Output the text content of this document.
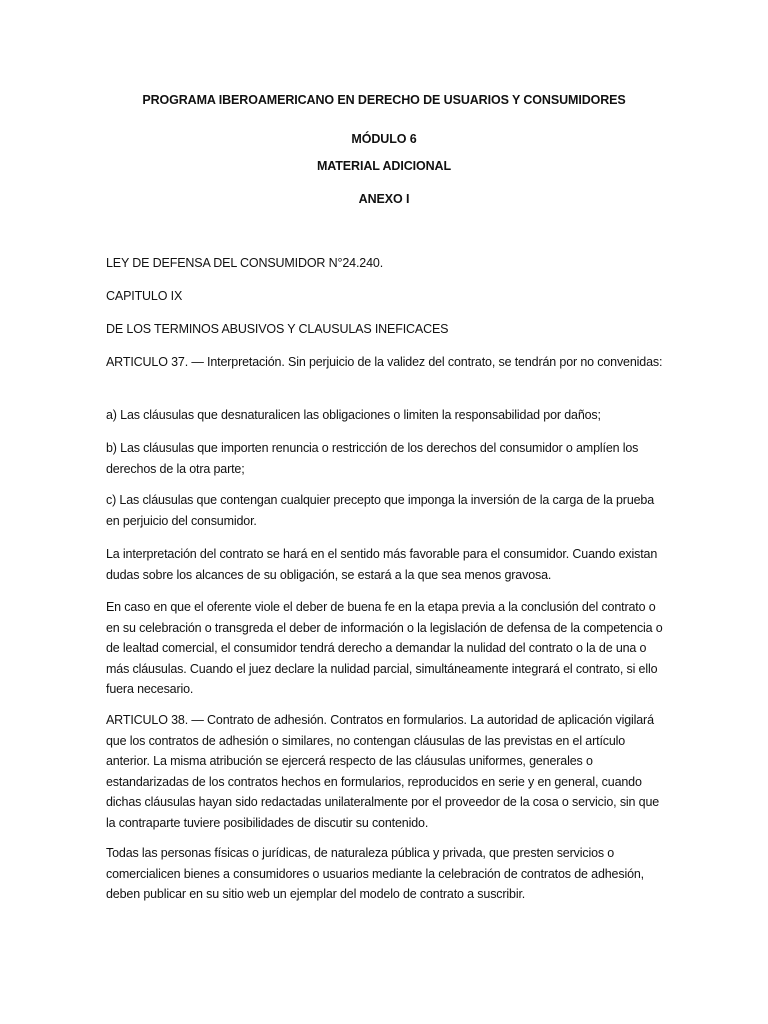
PROGRAMA IBEROAMERICANO EN DERECHO DE USUARIOS Y CONSUMIDORES
MÓDULO 6
MATERIAL ADICIONAL
ANEXO I

LEY DE DEFENSA DEL CONSUMIDOR N°24.240.

CAPITULO IX

DE LOS TERMINOS ABUSIVOS Y CLAUSULAS INEFICACES

ARTICULO 37. — Interpretación. Sin perjuicio de la validez del contrato, se tendrán por no convenidas:

a) Las cláusulas que desnaturalicen las obligaciones o limiten la responsabilidad por daños;

b) Las cláusulas que importen renuncia o restricción de los derechos del consumidor o amplíen los derechos de la otra parte;

c) Las cláusulas que contengan cualquier precepto que imponga la inversión de la carga de la prueba en perjuicio del consumidor.

La interpretación del contrato se hará en el sentido más favorable para el consumidor. Cuando existan dudas sobre los alcances de su obligación, se estará a la que sea menos gravosa.

En caso en que el oferente viole el deber de buena fe en la etapa previa a la conclusión del contrato o en su celebración o transgreda el deber de información o la legislación de defensa de la competencia o de lealtad comercial, el consumidor tendrá derecho a demandar la nulidad del contrato o la de una o más cláusulas. Cuando el juez declare la nulidad parcial, simultáneamente integrará el contrato, si ello fuera necesario.

ARTICULO 38. — Contrato de adhesión. Contratos en formularios. La autoridad de aplicación vigilará que los contratos de adhesión o similares, no contengan cláusulas de las previstas en el artículo anterior. La misma atribución se ejercerá respecto de las cláusulas uniformes, generales o estandarizadas de los contratos hechos en formularios, reproducidos en serie y en general, cuando dichas cláusulas hayan sido redactadas unilateralmente por el proveedor de la cosa o servicio, sin que la contraparte tuviere posibilidades de discutir su contenido.

Todas las personas físicas o jurídicas, de naturaleza pública y privada, que presten servicios o comercialicen bienes a consumidores o usuarios mediante la celebración de contratos de adhesión, deben publicar en su sitio web un ejemplar del modelo de contrato a suscribir.
